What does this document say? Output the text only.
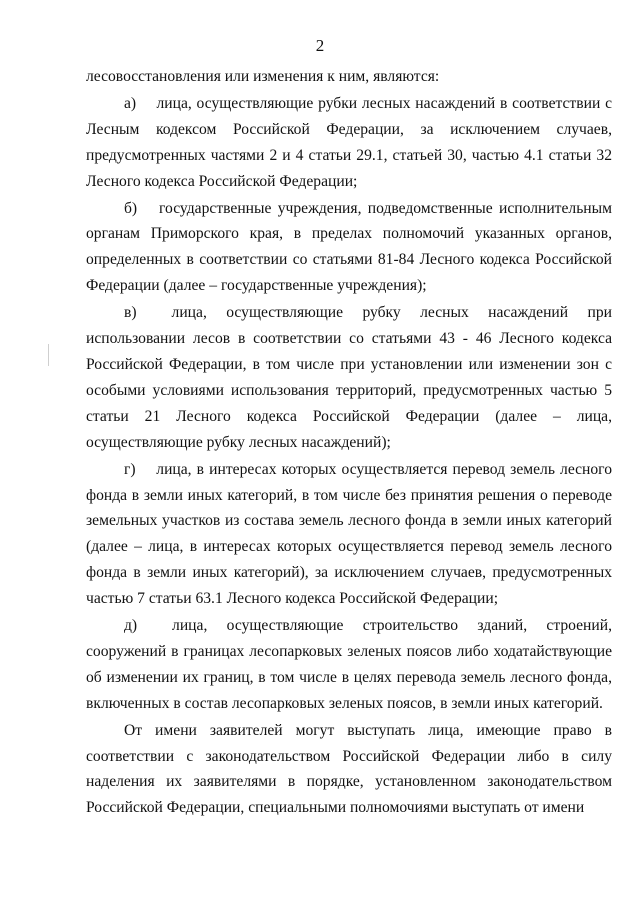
2

лесовосстановления или изменения к ним, являются:

а)  лица, осуществляющие рубки лесных насаждений в соответствии с Лесным кодексом Российской Федерации, за исключением случаев, предусмотренных частями 2 и 4 статьи 29.1, статьей 30, частью 4.1 статьи 32 Лесного кодекса Российской Федерации;

б)  государственные учреждения, подведомственные исполнительным органам Приморского края, в пределах полномочий указанных органов, определенных в соответствии со статьями 81-84 Лесного кодекса Российской Федерации (далее – государственные учреждения);

в)  лица, осуществляющие рубку лесных насаждений при использовании лесов в соответствии со статьями 43 - 46 Лесного кодекса Российской Федерации, в том числе при установлении или изменении зон с особыми условиями использования территорий, предусмотренных частью 5 статьи 21 Лесного кодекса Российской Федерации (далее – лица, осуществляющие рубку лесных насаждений);

г)  лица, в интересах которых осуществляется перевод земель лесного фонда в земли иных категорий, в том числе без принятия решения о переводе земельных участков из состава земель лесного фонда в земли иных категорий (далее – лица, в интересах которых осуществляется перевод земель лесного фонда в земли иных категорий), за исключением случаев, предусмотренных частью 7 статьи 63.1 Лесного кодекса Российской Федерации;

д)  лица, осуществляющие строительство зданий, строений, сооружений в границах лесопарковых зеленых поясов либо ходатайствующие об изменении их границ, в том числе в целях перевода земель лесного фонда, включенных в состав лесопарковых зеленых поясов, в земли иных категорий.

От имени заявителей могут выступать лица, имеющие право в соответствии с законодательством Российской Федерации либо в силу наделения их заявителями в порядке, установленном законодательством Российской Федерации, специальными полномочиями выступать от имени
